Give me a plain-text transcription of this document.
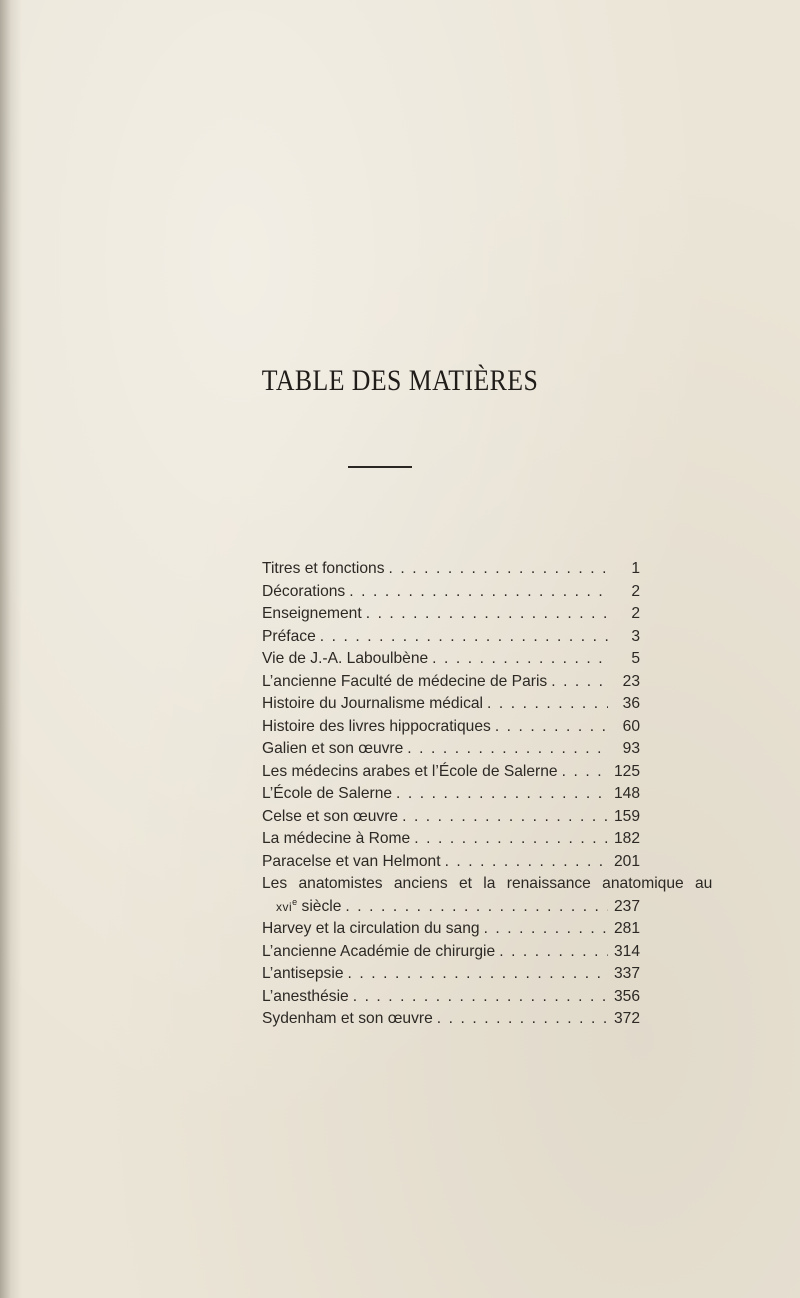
TABLE DES MATIÈRES
Titres et fonctions . . .	1
Décorations . . .	2
Enseignement . . .	2
Préface . . .	3
Vie de J.-A. Laboulbène . . .	5
L’ancienne Faculté de médecine de Paris . . .	23
Histoire du Journalisme médical . . .	36
Histoire des livres hippocratiques . . .	60
Galien et son œuvre . . .	93
Les médecins arabes et l’École de Salerne . . .	125
L’École de Salerne . . .	148
Celse et son œuvre . . .	159
La médecine à Rome . . .	182
Paracelse et van Helmont . . .	201
Les anatomistes anciens et la renaissance anatomique au
xvi$^e$ siècle . . .	237
Harvey et la circulation du sang . . .	281
L’ancienne Académie de chirurgie . . .	314
L’antisepsie . . .	337
L’anesthésie . . .	356
Sydenham et son œuvre . . .	372
